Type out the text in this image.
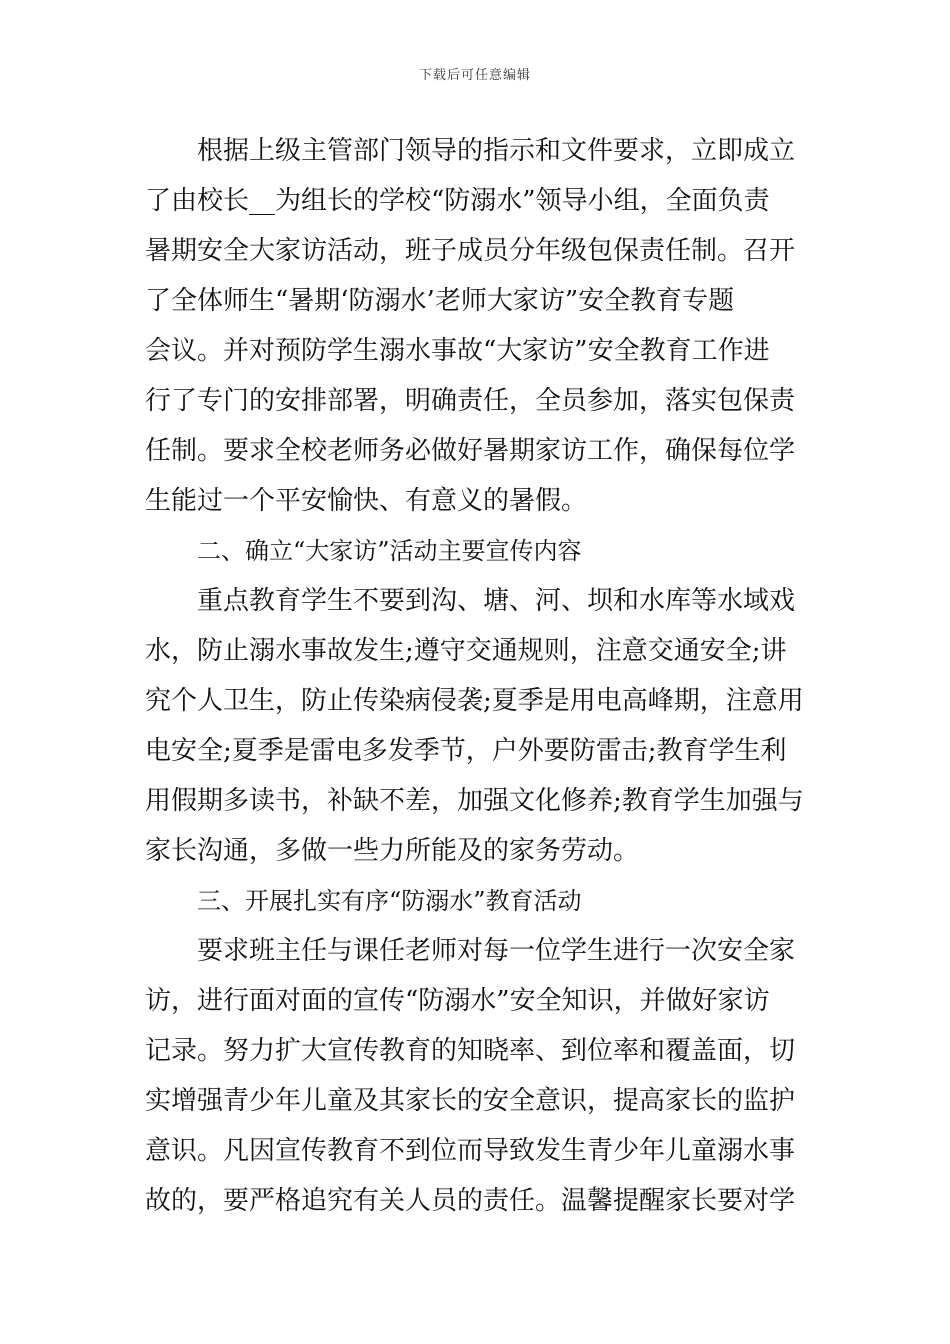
下载后可任意编辑
根据上级主管部门领导的指示和文件要求，立即成立
了由校长__为组长的学校“防溺水”领导小组，全面负责
暑期安全大家访活动，班子成员分年级包保责任制。召开
了全体师生“暑期‘防溺水’老师大家访”安全教育专题
会议。并对预防学生溺水事故“大家访”安全教育工作进
行了专门的安排部署，明确责任，全员参加，落实包保责
任制。要求全校老师务必做好暑期家访工作，确保每位学
生能过一个平安愉快、有意义的暑假。
二、确立“大家访”活动主要宣传内容
重点教育学生不要到沟、塘、河、坝和水库等水域戏
水，防止溺水事故发生;遵守交通规则，注意交通安全;讲
究个人卫生，防止传染病侵袭;夏季是用电高峰期，注意用
电安全;夏季是雷电多发季节，户外要防雷击;教育学生利
用假期多读书，补缺不差，加强文化修养;教育学生加强与
家长沟通，多做一些力所能及的家务劳动。
三、开展扎实有序“防溺水”教育活动
要求班主任与课任老师对每一位学生进行一次安全家
访，进行面对面的宣传“防溺水”安全知识，并做好家访
记录。努力扩大宣传教育的知晓率、到位率和覆盖面，切
实增强青少年儿童及其家长的安全意识，提高家长的监护
意识。凡因宣传教育不到位而导致发生青少年儿童溺水事
故的，要严格追究有关人员的责任。温馨提醒家长要对学
